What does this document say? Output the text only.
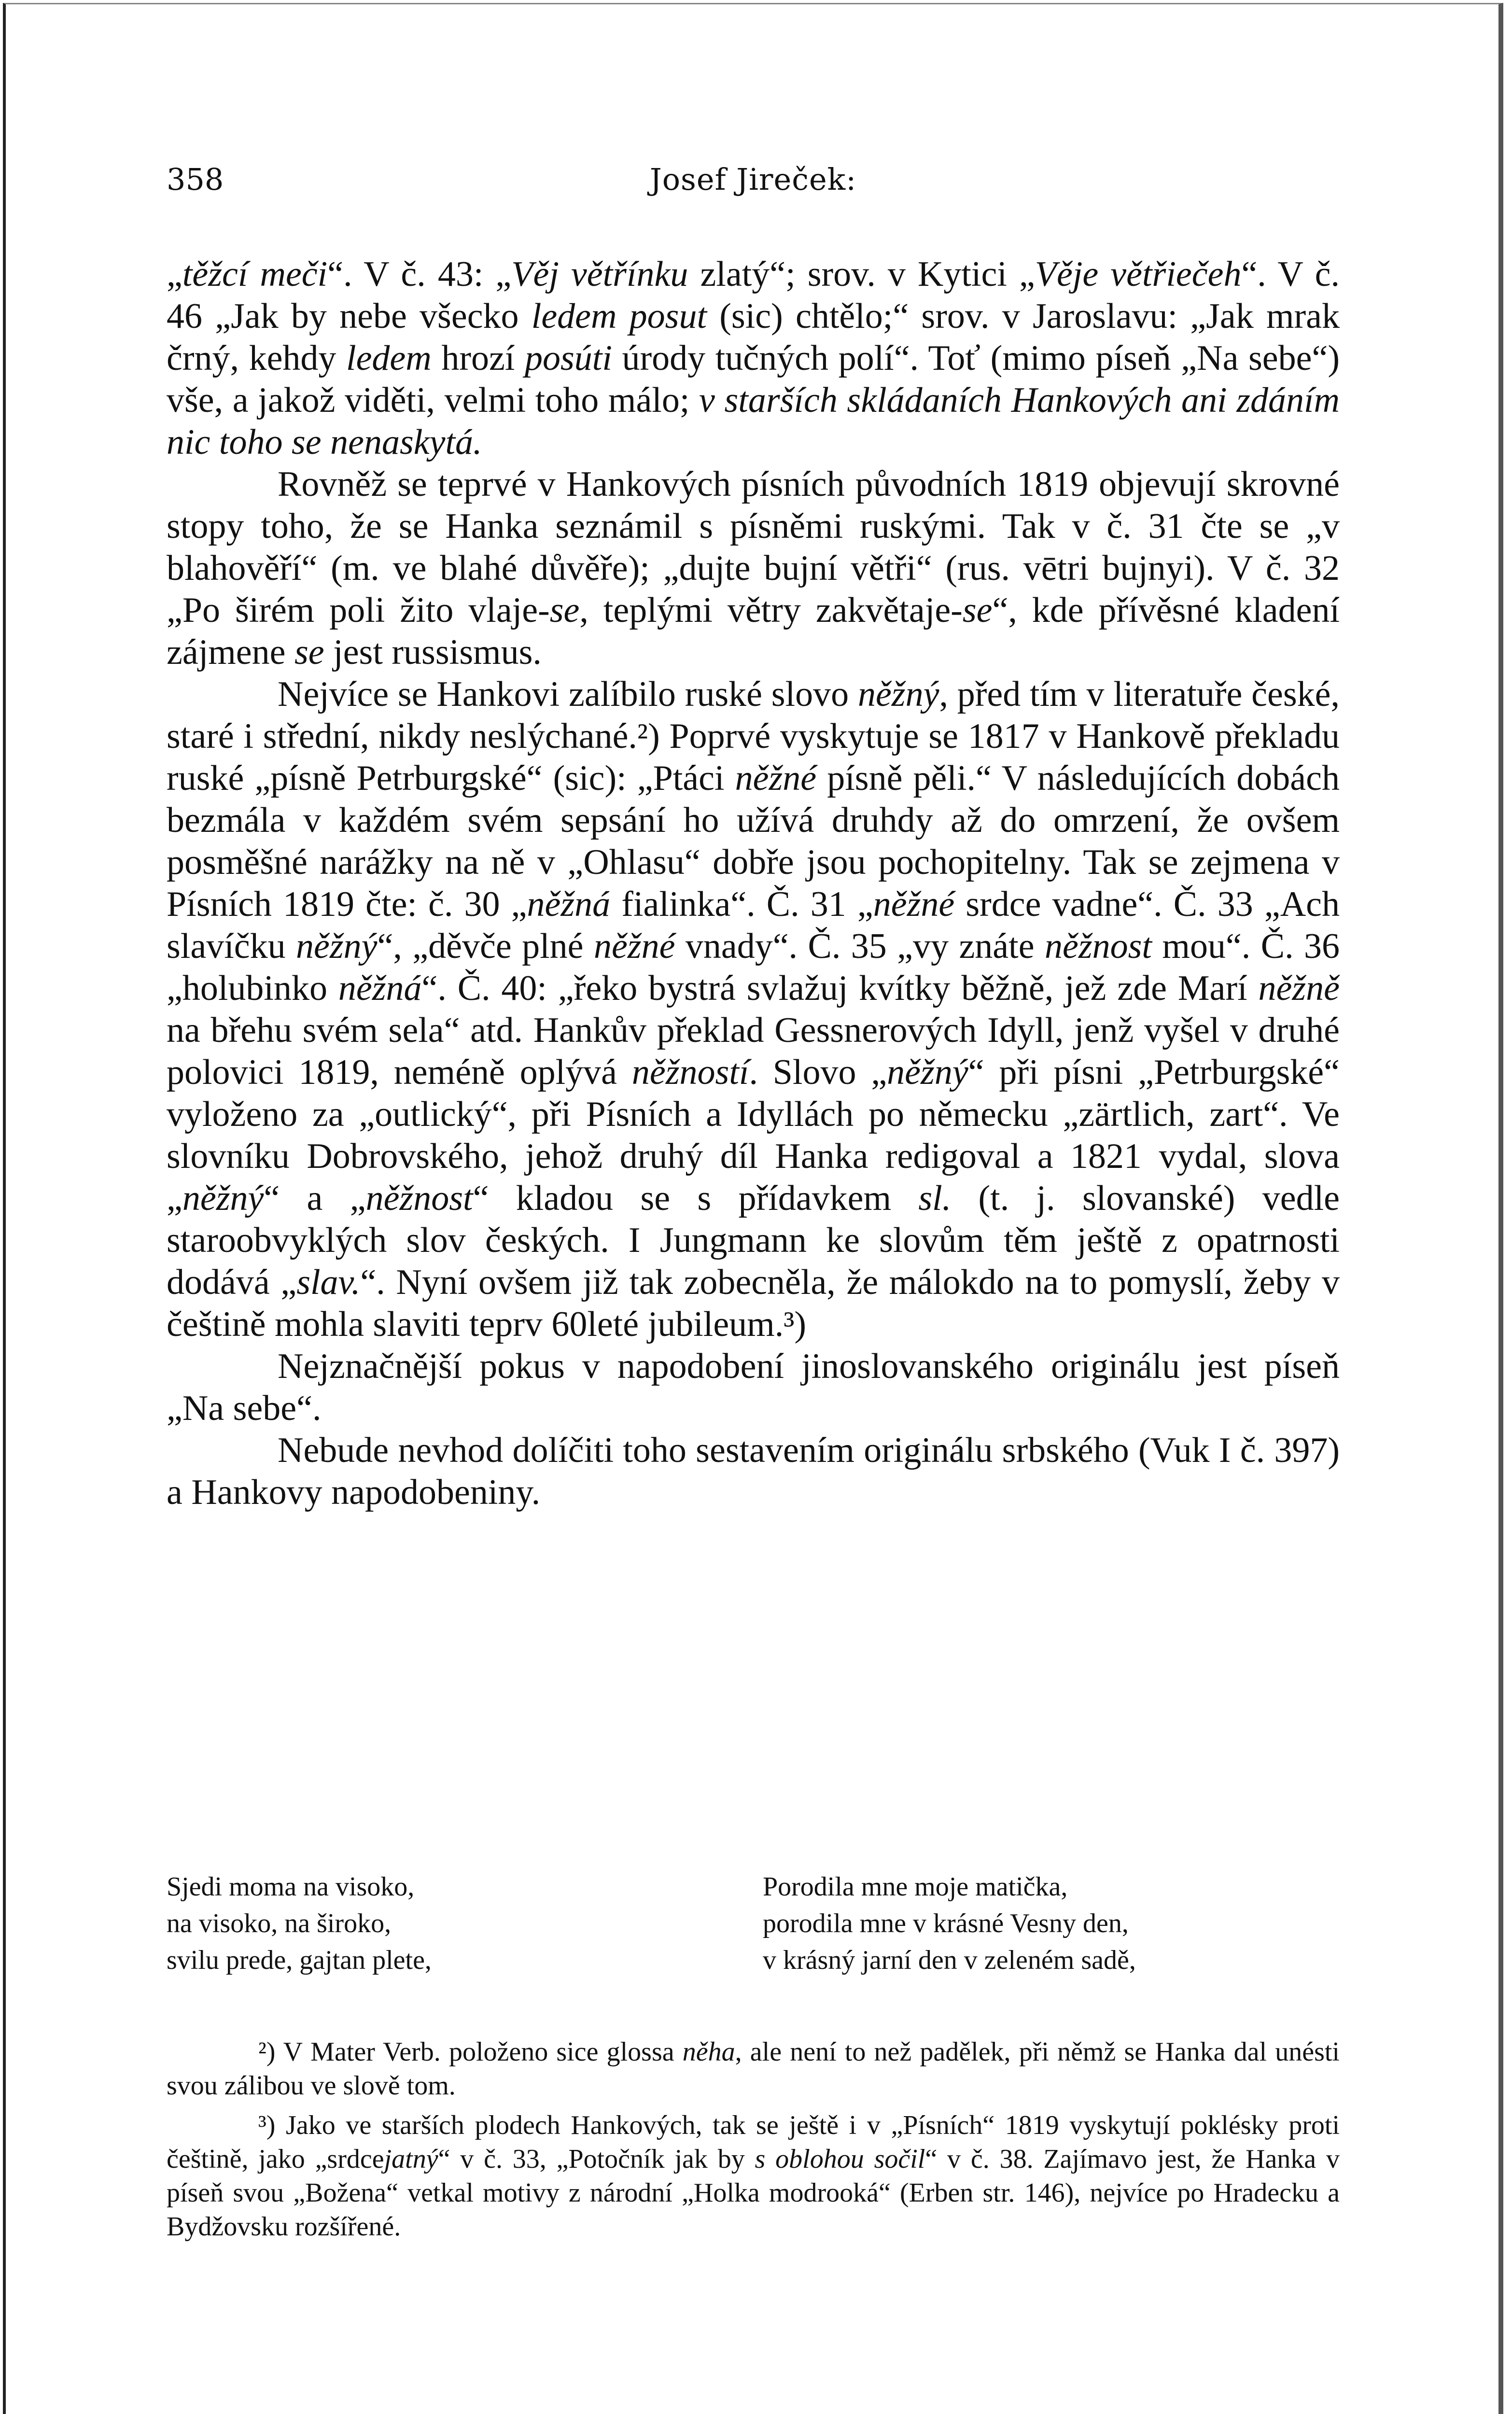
358	Josef Jireček:

„těžcí meči“. V č. 43: „Věj větřínku zlatý“; srov. v Kytici „Věje větřiečeh“. V č. 46 „Jak by nebe všecko ledem posut (sic) chtělo;“ srov. v Jaroslavu: „Jak mrak črný, kehdy ledem hrozí posúti úrody tučných polí“. Toť (mimo píseň „Na sebe“) vše, a jakož viděti, velmi toho málo; v starších skládaních Hankových ani zdáním nic toho se nenaskytá.

Rovněž se teprvé v Hankových písních původních 1819 objevují skrovné stopy toho, že se Hanka seznámil s písněmi ruskými. Tak v č. 31 čte se „v blahověří“ (m. ve blahé důvěře); „dujte bujní větři“ (rus. vētri bujnyi). V č. 32 „Po širém poli žito vlaje-se, teplými větry zakvětaje-se“, kde přívěsné kladení zájmene se jest russismus.

Nejvíce se Hankovi zalíbilo ruské slovo něžný, před tím v literatuře české, staré i střední, nikdy neslýchané.²) Poprvé vyskytuje se 1817 v Hankově překladu ruské „písně Petrburgské“ (sic): „Ptáci něžné písně pěli.“ V následujících dobách bezmála v každém svém sepsání ho užívá druhdy až do omrzení, že ovšem posměšné narážky na ně v „Ohlasu“ dobře jsou pochopitelny. Tak se zejmena v Písních 1819 čte: č. 30 „něžná fialinka“. Č. 31 „něžné srdce vadne“. Č. 33 „Ach slavíčku něžný“, „děvče plné něžné vnady“. Č. 35 „vy znáte něžnost mou“. Č. 36 „holubinko něžná“. Č. 40: „řeko bystrá svlažuj kvítky běžně, jež zde Marí něžně na břehu svém sela“ atd. Hankův překlad Gessnerových Idyll, jenž vyšel v druhé polovici 1819, neméně oplývá něžností. Slovo „něžný“ při písni „Petrburgské“ vyloženo za „outlický“, při Písních a Idyllách po německu „zärtlich, zart“. Ve slovníku Dobrovského, jehož druhý díl Hanka redigoval a 1821 vydal, slova „něžný“ a „něžnost“ kladou se s přídavkem sl. (t. j. slovanské) vedle staroobvyklých slov českých. I Jungmann ke slovům těm ještě z opatrnosti dodává „slav.“. Nyní ovšem již tak zobecněla, že málokdo na to pomyslí, žeby v češtině mohla slaviti teprv 60leté jubileum.³)

Nejznačnější pokus v napodobení jinoslovanského originálu jest píseň „Na sebe“.

Nebude nevhod dolíčiti toho sestavením originálu srbského (Vuk I č. 397) a Hankovy napodobeniny.

Sjedi moma na visoko,
na visoko, na široko,
svilu prede, gajtan plete,
Porodila mne moje matička,
porodila mne v krásné Vesny den,
v krásný jarní den v zeleném sadě,

²) V Mater Verb. položeno sice glossa něha, ale není to než padělek, při němž se Hanka dal unésti svou zálibou ve slově tom.

³) Jako ve starších plodech Hankových, tak se ještě i v „Písních“ 1819 vyskytují poklésky proti češtině, jako „srdcejatný“ v č. 33, „Potočník jak by s oblohou sočil“ v č. 38. Zajímavo jest, že Hanka v píseň svou „Božena“ vetkal motivy z národní „Holka modrooká“ (Erben str. 146), nejvíce po Hradecku a Bydžovsku rozšířené.
